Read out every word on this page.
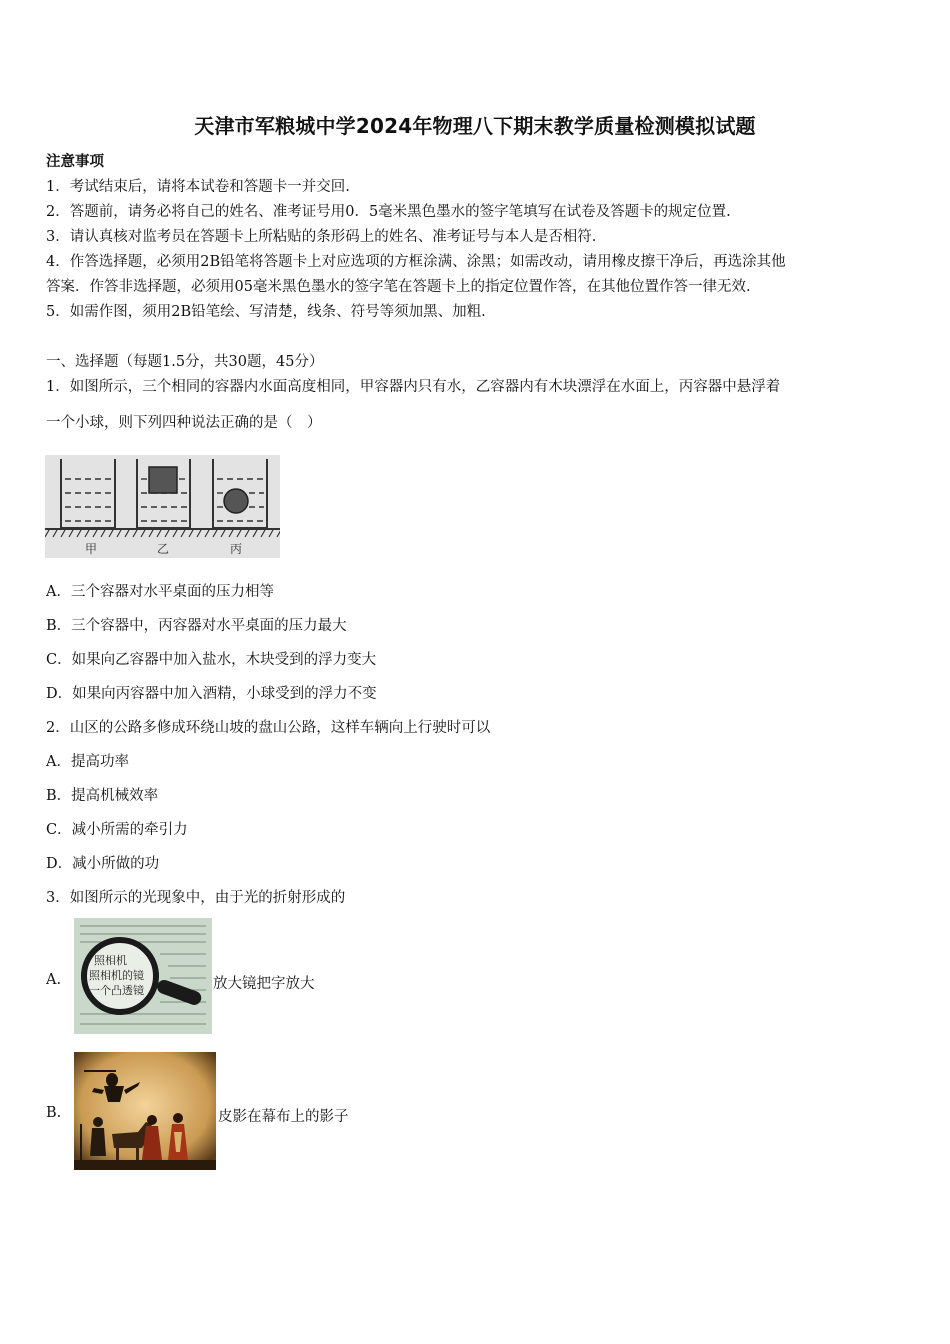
天津市军粮城中学2024年物理八下期末教学质量检测模拟试题
注意事项
1．考试结束后，请将本试卷和答题卡一并交回.
2．答题前，请务必将自己的姓名、准考证号用0．5毫米黑色墨水的签字笔填写在试卷及答题卡的规定位置.
3．请认真核对监考员在答题卡上所粘贴的条形码上的姓名、准考证号与本人是否相符.
4．作答选择题，必须用2B铅笔将答题卡上对应选项的方框涂满、涂黑；如需改动，请用橡皮擦干净后，再选涂其他
答案．作答非选择题，必须用05毫米黑色墨水的签字笔在答题卡上的指定位置作答，在其他位置作答一律无效.
5．如需作图，须用2B铅笔绘、写清楚，线条、符号等须加黑、加粗.
一、选择题（每题1.5分，共30题，45分）
1．如图所示，三个相同的容器内水面高度相同，甲容器内只有水，乙容器内有木块漂浮在水面上，丙容器中悬浮着
一个小球，则下列四种说法正确的是（　）
甲	乙	丙
A．三个容器对水平桌面的压力相等
B．三个容器中，丙容器对水平桌面的压力最大
C．如果向乙容器中加入盐水，木块受到的浮力变大
D．如果向丙容器中加入酒精，小球受到的浮力不变
2．山区的公路多修成环绕山坡的盘山公路，这样车辆向上行驶时可以
A．提高功率
B．提高机械效率
C．减小所需的牵引力
D．减小所做的功
3．如图所示的光现象中，由于光的折射形成的
A.
照相机
照相机的镜
一个凸透镜	放大镜把字放大
B.	皮影在幕布上的影子
